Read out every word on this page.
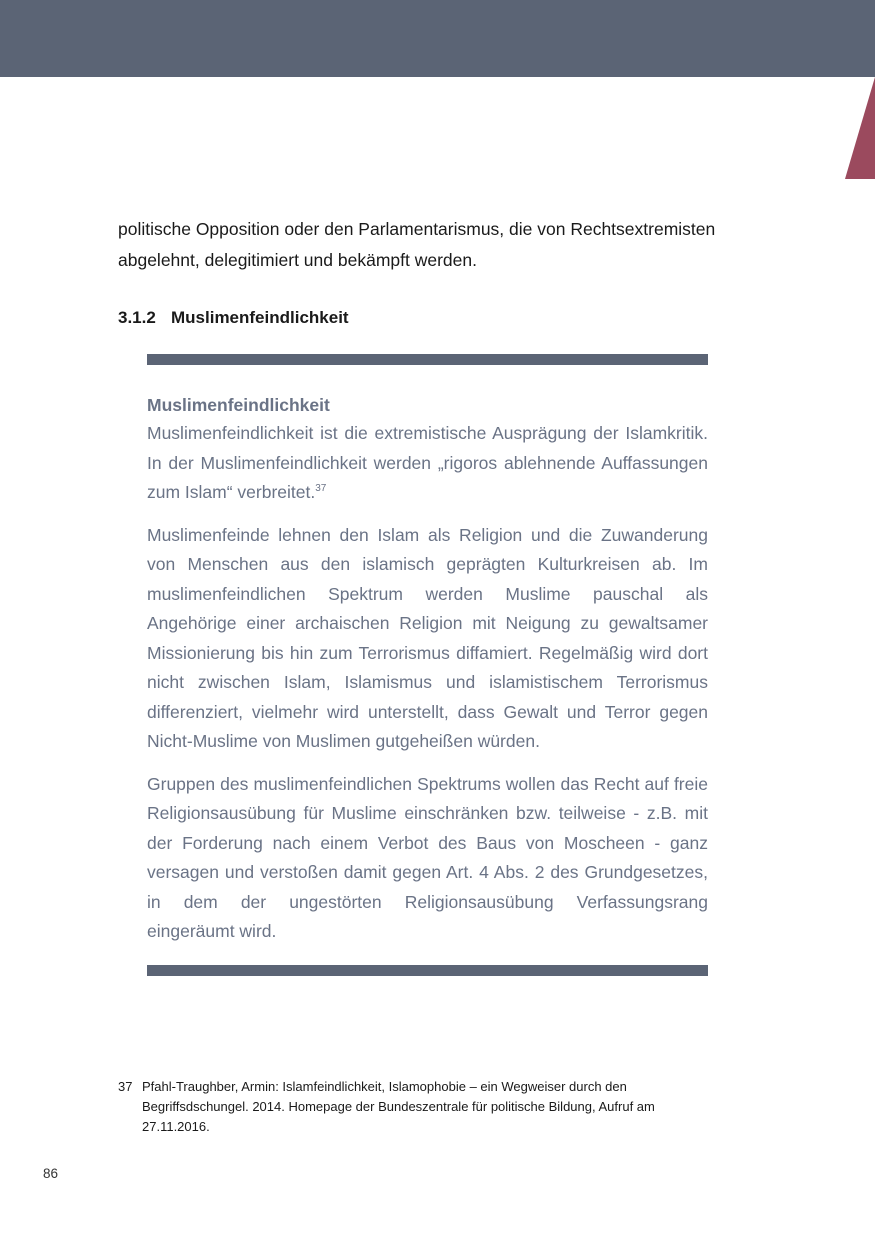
politische Opposition oder den Parlamentarismus, die von Rechtsextremisten abgelehnt, delegitimiert und bekämpft werden.

3.1.2 Muslimenfeindlichkeit
Muslimenfeindlichkeit

Muslimenfeindlichkeit ist die extremistische Ausprägung der Islamkritik. In der Muslimenfeindlichkeit werden „rigoros ablehnende Auffassungen zum Islam“ verbreitet.$^{37}$

Muslimenfeinde lehnen den Islam als Religion und die Zuwanderung von Menschen aus den islamisch geprägten Kulturkreisen ab. Im muslimenfeindlichen Spektrum werden Muslime pauschal als Angehörige einer archaischen Religion mit Neigung zu gewaltsamer Missionierung bis hin zum Terrorismus diffamiert. Regelmäßig wird dort nicht zwischen Islam, Islamismus und islamistischem Terrorismus differenziert, vielmehr wird unterstellt, dass Gewalt und Terror gegen Nicht-Muslime von Muslimen gutgeheißen würden.

Gruppen des muslimenfeindlichen Spektrums wollen das Recht auf freie Religionsausübung für Muslime einschränken bzw. teilweise - z.B. mit der Forderung nach einem Verbot des Baus von Moscheen - ganz versagen und verstoßen damit gegen Art. 4 Abs. 2 des Grundgesetzes, in dem der ungestörten Religionsausübung Verfassungsrang eingeräumt wird.

37 Pfahl-Traughber, Armin: Islamfeindlichkeit, Islamophobie – ein Wegweiser durch den Begriffsdschungel. 2014. Homepage der Bundeszentrale für politische Bildung, Aufruf am 27.11.2016.
86
